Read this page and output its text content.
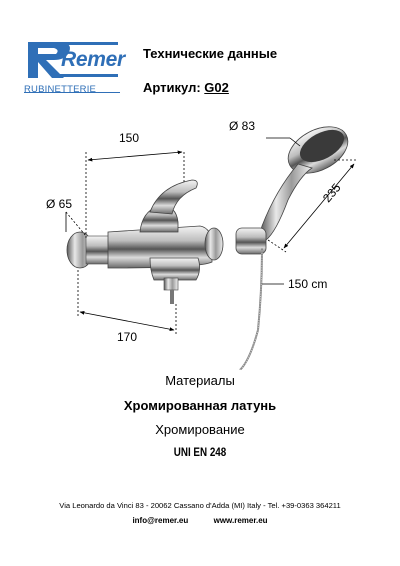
Remer
RUBINETTERIE
Технические данные
Артикул: G02
150
Ø 65
170
Ø 83
235
150 cm
Материалы
Хромированная латунь
Хромирование
UNI EN 248
Via Leonardo da Vinci 83 - 20062 Cassano d'Adda (MI) Italy - Tel. +39-0363 364211
info@remer.eu	www.remer.eu
